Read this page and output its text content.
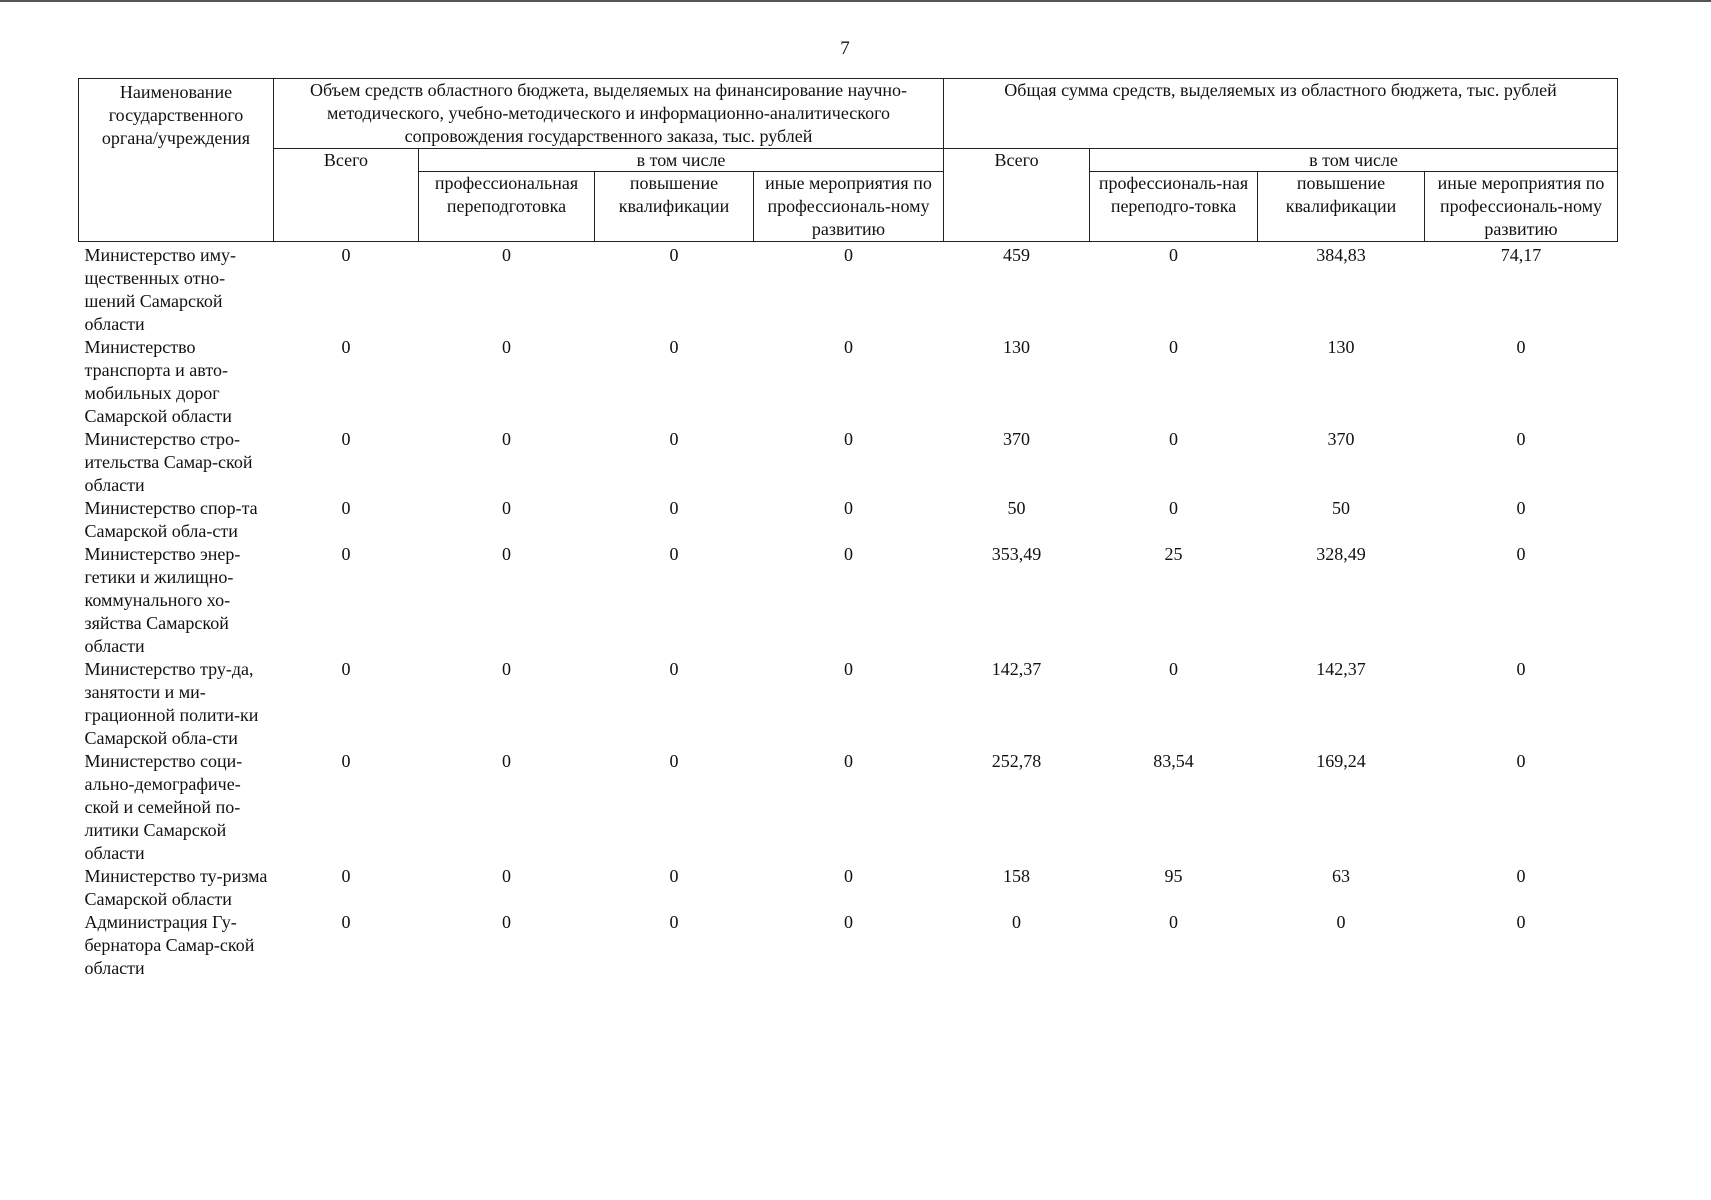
7
Наименование государственного органа/учреждения	Объем средств областного бюджета, выделяемых на финансирование научно-методического, учебно-методического и информационно-аналитического сопровождения государственного заказа, тыс. рублей				Общая сумма средств, выделяемых из областного бюджета, тыс. рублей			
	Всего	в том числе			Всего	в том числе		
		профессиональная переподготовка	повышение квалификации	иные мероприятия по профессиональ-ному развитию		профессиональ-ная переподго-товка	повышение квалификации	иные мероприятия по профессиональ-ному развитию
Министерство иму-щественных отно-шений Самарской области	0	0	0	0	459	0	384,83	74,17
Министерство транспорта и авто-мобильных дорог Самарской области	0	0	0	0	130	0	130	0
Министерство стро-ительства Самар-ской области	0	0	0	0	370	0	370	0
Министерство спор-та Самарской обла-сти	0	0	0	0	50	0	50	0
Министерство энер-гетики и жилищно-коммунального хо-зяйства Самарской области	0	0	0	0	353,49	25	328,49	0
Министерство тру-да, занятости и ми-грационной полити-ки Самарской обла-сти	0	0	0	0	142,37	0	142,37	0
Министерство соци-ально-демографиче-ской и семейной по-литики Самарской области	0	0	0	0	252,78	83,54	169,24	0
Министерство ту-ризма Самарской области	0	0	0	0	158	95	63	0
Администрация Гу-бернатора Самар-ской области	0	0	0	0	0	0	0	0
